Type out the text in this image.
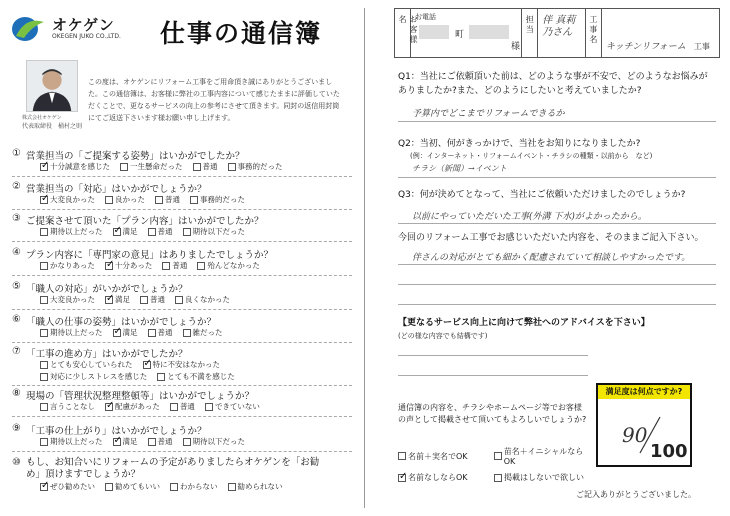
オケゲン
OKEGEN JUKO CO.,LTD. 仕事の通信簿
株式会社オケゲン
代表取締役　桶村之則
この度は、オケゲンにリフォーム工事をご用命頂き誠にありがとうございました。この通信簿は、お客様に弊社の工事内容について感じたままに評価していただくことで、更なるサービスの向上の参考にさせて頂きます。同封の返信用封筒にてご返送下さいます様お願い申し上げます。
① 営業担当の「ご提案する姿勢」はいかがでしたか？
✓
十分誠意を感じた	一生懸命だった	普通	事務的だった
② 営業担当の「対応」はいかがでしょうか？
✓
大変良かった	良かった	普通	事務的だった
③ ご提案させて頂いた「プラン内容」はいかがでしたか？
期待以上だった ✓	満足	普通	期待以下だった
④ プラン内容に「専門家の意見」はありましたでしょうか？
かなりあった ✓	十分あった	普通	殆んどなかった
⑤ 「職人の対応」がいかがでしょうか？
大変良かった ✓	満足	普通	良くなかった
⑥ 「職人の仕事の姿勢」はいかがでしょうか？
期待以上だった ✓	満足	普通	雑だった
⑦ 「工事の進め方」はいかがでしたか？
とても安心していられた ✓	特に不安はなかった
対応に少しストレスを感じた	とても不満を感じた
⑧ 現場の「管理状況整理整頓等」はいかがでしょうか？
言うことなし ✓	配慮があった	普通	できていない
⑨ 「工事の仕上がり」はいかがでしょうか？
期待以上だった ✓	満足	普通	期待以下だった
⑩ もし、お知合いにリフォームの予定がありましたらオケゲンを「お勧め」頂けますでしょうか？
✓
ぜひ勧めたい	勧めてもいい	わからない	勧められない
お客様名	お電話
町
様
担当 伴 真莉乃さん	工事名
キッチンリフォーム 工事
Q1：当社にご依頼頂いた前は、どのような事が不安で、どのようなお悩みがありましたか?また、どのようにしたいと考えていましたか?
予算内でどこまでリフォームできるか
Q2：当初、何がきっかけで、当社をお知りになりましたか?
(例：インターネット・リフォームイベント・チラシの種類・以前から　など)
チラシ（新聞）→イベント
Q3：何が決めてとなって、当社にご依頼いただけましたのでしょうか?
以前にやっていただいた工事(外溝 下水)がよかったから。
今回のリフォーム工事でお感じいただいた内容を、そのままご記入下さい。
伴さんの対応がとても細かく配慮されていて相談しやすかったです。
【更なるサービス向上に向けて弊社へのアドバイスを下さい】
(どの様な内容でも結構です)
通信簿の内容を、チラシやホームページ等でお客様の声として掲載させて頂いてもよろしいでしょうか?
名前＋実名でOK	苗名＋イニシャルならOK
✓
名前なしならOK	掲載はしないで欲しい
満足度は何点ですか?
90
100
ご記入ありがとうございました。
